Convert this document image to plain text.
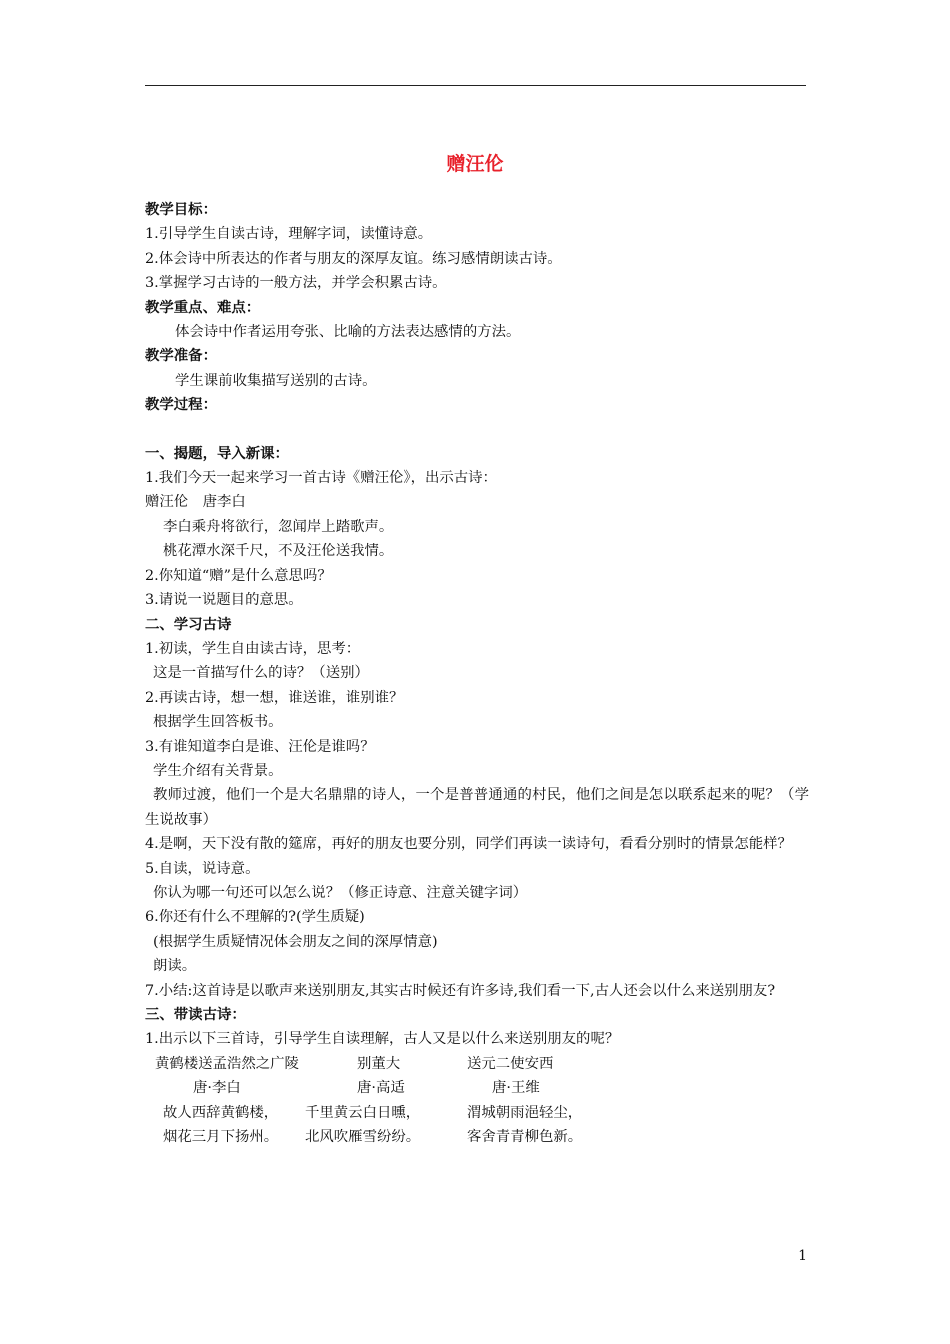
赠汪伦

教学目标：

1.引导学生自读古诗，理解字词，读懂诗意。

2.体会诗中所表达的作者与朋友的深厚友谊。练习感情朗读古诗。

3.掌握学习古诗的一般方法，并学会积累古诗。

教学重点、难点：

体会诗中作者运用夸张、比喻的方法表达感情的方法。

教学准备：

学生课前收集描写送别的古诗。

教学过程：

一、揭题，导入新课：

1.我们今天一起来学习一首古诗《赠汪伦》，出示古诗：

赠汪伦　唐李白

李白乘舟将欲行，忽闻岸上踏歌声。

桃花潭水深千尺，不及汪伦送我情。

2.你知道“赠”是什么意思吗？

3.请说一说题目的意思。

二、学习古诗

1.初读，学生自由读古诗，思考：

这是一首描写什么的诗？（送别）

2.再读古诗，想一想，谁送谁，谁别谁？

根据学生回答板书。

3.有谁知道李白是谁、汪伦是谁吗？

学生介绍有关背景。

教师过渡，他们一个是大名鼎鼎的诗人，一个是普普通通的村民，他们之间是怎以联系起来的呢？（学生说故事）

4.是啊，天下没有散的筵席，再好的朋友也要分别，同学们再读一读诗句，看看分别时的情景怎能样？

5.自读，说诗意。

你认为哪一句还可以怎么说？（修正诗意、注意关键字词）

6.你还有什么不理解的?(学生质疑)

(根据学生质疑情况体会朋友之间的深厚情意)

朗读。

7.小结:这首诗是以歌声来送别朋友,其实古时候还有许多诗,我们看一下,古人还会以什么来送别朋友?

三、带读古诗：

1.出示以下三首诗，引导学生自读理解，古人又是以什么来送别朋友的呢？

黄鹤楼送孟浩然之广陵	别董大	送元二使安西
唐·李白	唐·高适	唐·王维
故人西辞黄鹤楼，	千里黄云白日曛，	渭城朝雨浥轻尘，
烟花三月下扬州。	北风吹雁雪纷纷。	客舍青青柳色新。
1
